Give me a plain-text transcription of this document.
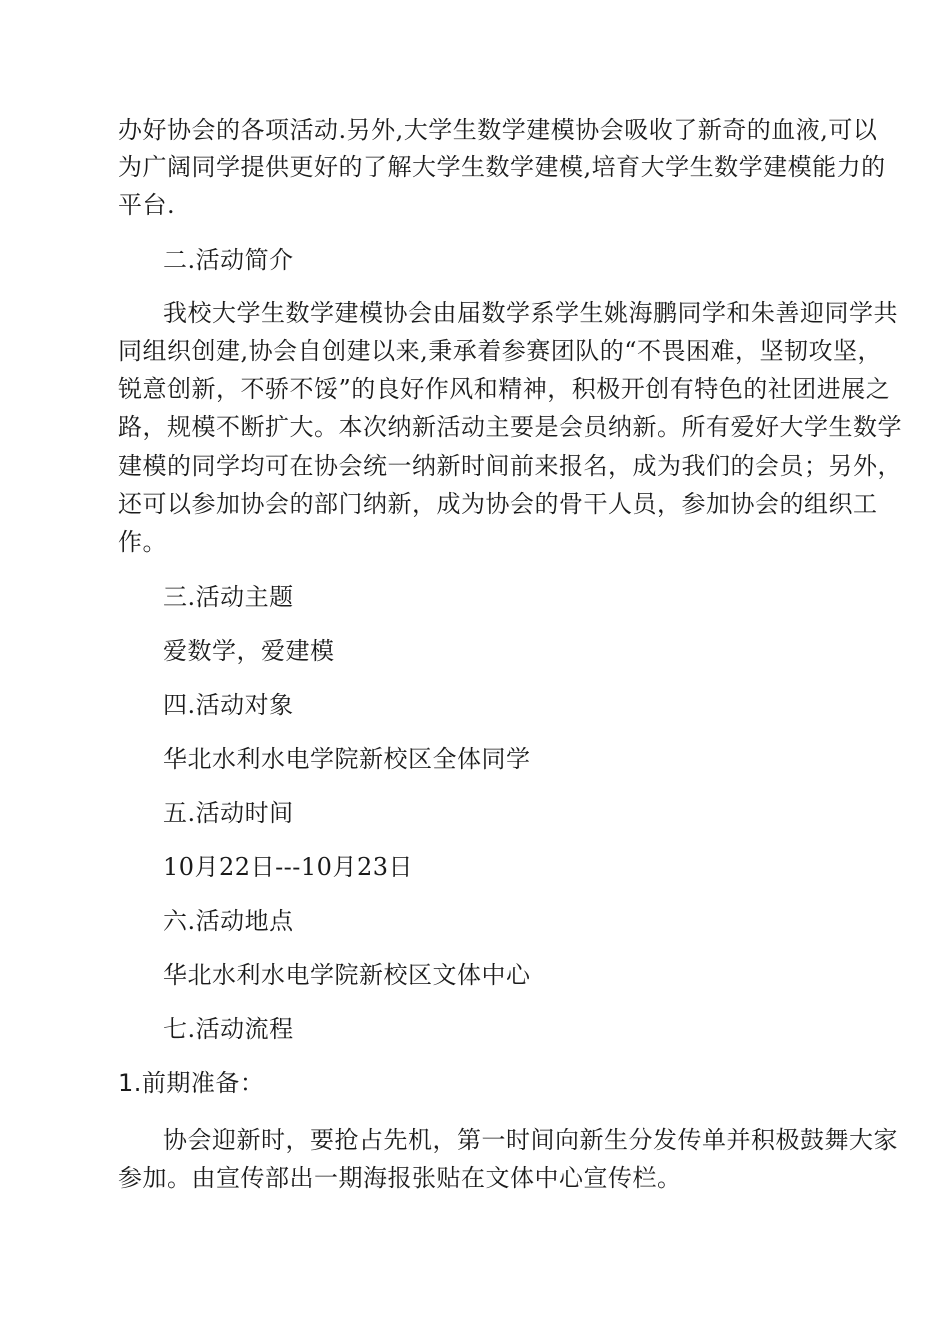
办好协会的各项活动.另外,大学生数学建模协会吸收了新奇的血液,可以
为广阔同学提供更好的了解大学生数学建模,培育大学生数学建模能力的
平台.
二.活动简介
我校大学生数学建模协会由届数学系学生姚海鹏同学和朱善迎同学共
同组织创建,协会自创建以来,秉承着参赛团队的“不畏困难，坚韧攻坚，
锐意创新，不骄不馁”的良好作风和精神，积极开创有特色的社团进展之
路，规模不断扩大。本次纳新活动主要是会员纳新。所有爱好大学生数学
建模的同学均可在协会统一纳新时间前来报名，成为我们的会员；另外，
还可以参加协会的部门纳新，成为协会的骨干人员，参加协会的组织工
作。
三.活动主题
爱数学，爱建模
四.活动对象
华北水利水电学院新校区全体同学
五.活动时间
10月22日---10月23日
六.活动地点
华北水利水电学院新校区文体中心
七.活动流程
1.前期准备：
协会迎新时，要抢占先机，第一时间向新生分发传单并积极鼓舞大家
参加。由宣传部出一期海报张贴在文体中心宣传栏。
